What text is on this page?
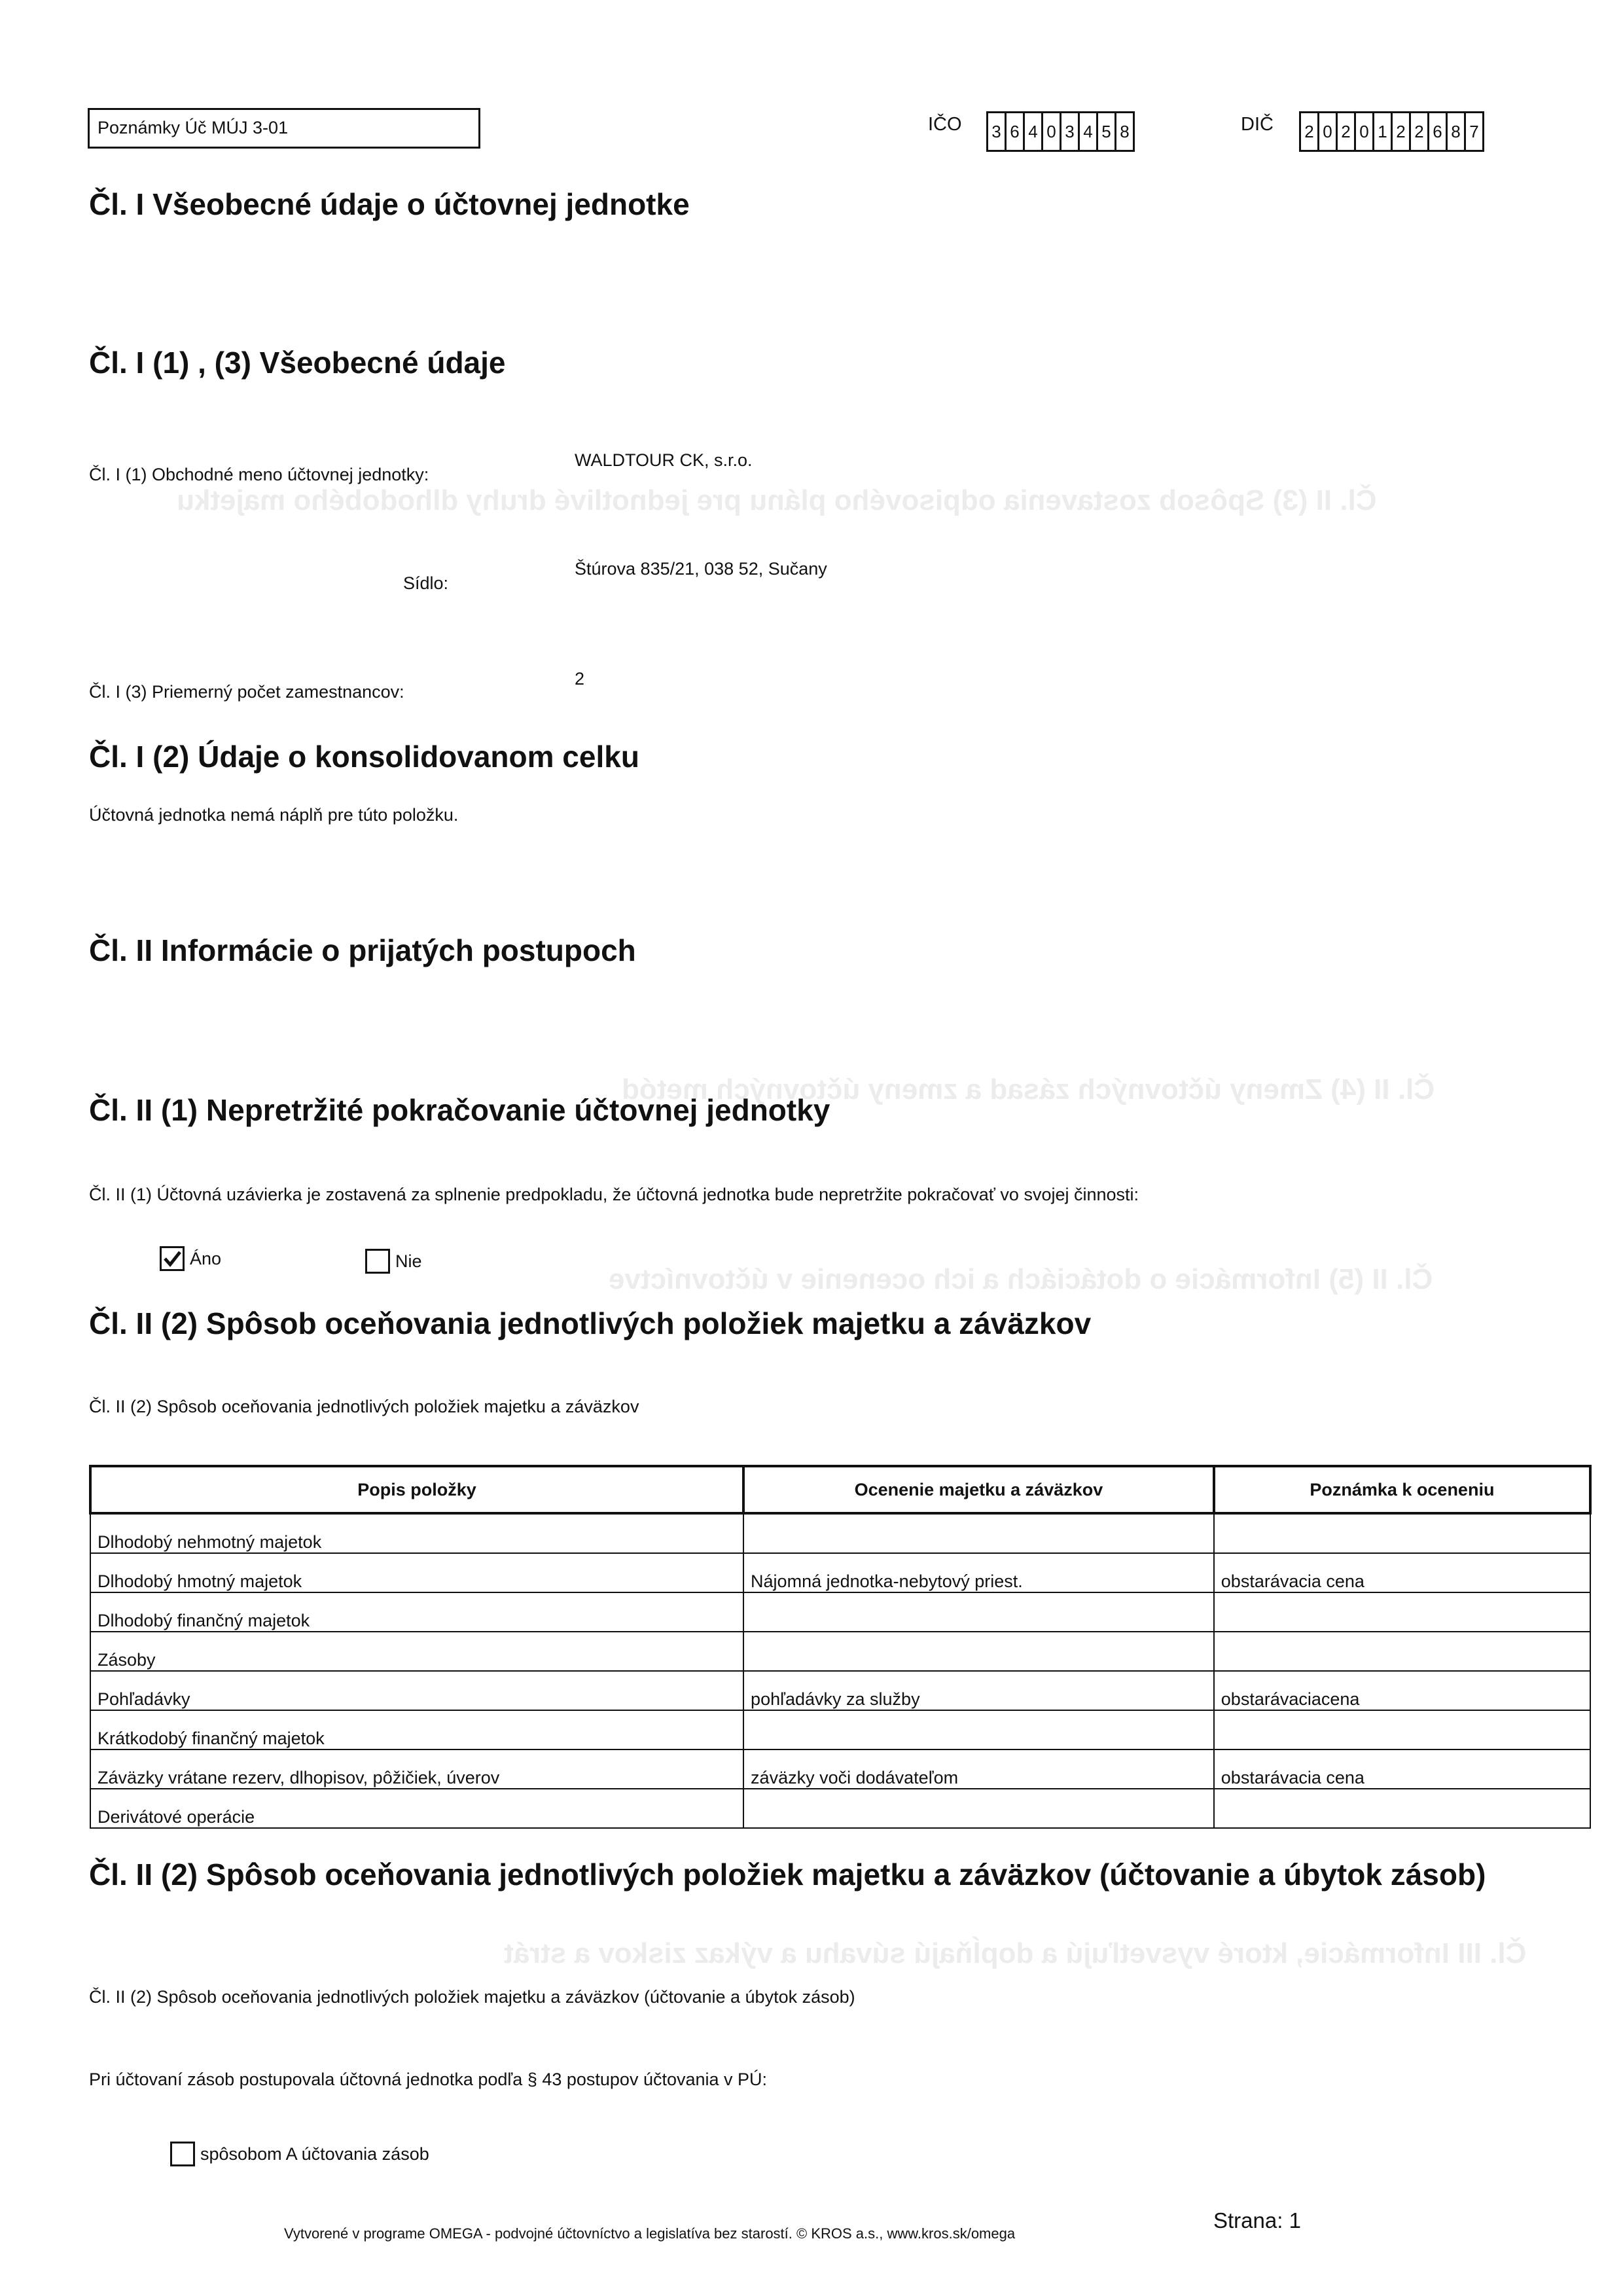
Čl. II (3) Spôsob zostavenia odpisového plánu pre jednotlivé druhy dlhodobého majetku
Čl. II (4) Zmeny účtovných zásad a zmeny účtovných metód
Čl. II (5) Informácie o dotáciách a ich ocenenie v účtovníctve
Čl. III Informácie, ktoré vysvetľujú a dopĺňajú súvahu a výkaz ziskov a strát
Poznámky Úč MÚJ 3-01	IČO	3 6 4 0 3 4 5 8	DIČ	2 0 2 0 1 2 2 6 8 7
Čl. I Všeobecné údaje o účtovnej jednotke
Čl. I (1) , (3) Všeobecné údaje
Čl. I (1) Obchodné meno účtovnej jednotky:
WALDTOUR CK, s.r.o.
Sídlo:
Štúrova 835/21, 038 52, Sučany
Čl. I (3) Priemerný počet zamestnancov:
2
Čl. I (2) Údaje o konsolidovanom celku
Účtovná jednotka nemá náplň pre túto položku.
Čl. II Informácie o prijatých postupoch
Čl. II (1) Nepretržité pokračovanie účtovnej jednotky
Čl. II (1) Účtovná uzávierka je zostavená za splnenie predpokladu, že účtovná jednotka bude nepretržite pokračovať vo svojej činnosti:
Áno	Nie
Čl. II (2) Spôsob oceňovania jednotlivých položiek majetku a záväzkov
Čl. II (2) Spôsob oceňovania jednotlivých položiek majetku a záväzkov
Popis položky	Ocenenie majetku a záväzkov	Poznámka k oceneniu
Dlhodobý nehmotný majetok		
Dlhodobý hmotný majetok	Nájomná jednotka-nebytový priest.	obstarávacia cena
Dlhodobý finančný majetok		
Zásoby		
Pohľadávky	pohľadávky za služby	obstarávaciacena
Krátkodobý finančný majetok		
Záväzky vrátane rezerv, dlhopisov, pôžičiek, úverov	záväzky voči dodávateľom	obstarávacia cena
Derivátové operácie		
Čl. II (2) Spôsob oceňovania jednotlivých položiek majetku a záväzkov (účtovanie a úbytok zásob)
Čl. II (2) Spôsob oceňovania jednotlivých položiek majetku a záväzkov (účtovanie a úbytok zásob)
Pri účtovaní zásob postupovala účtovná jednotka podľa § 43 postupov účtovania v PÚ:
spôsobom A účtovania zásob
Vytvorené v programe OMEGA - podvojné účtovníctvo a legislatíva bez starostí. © KROS a.s., www.kros.sk/omega
Strana: 1
